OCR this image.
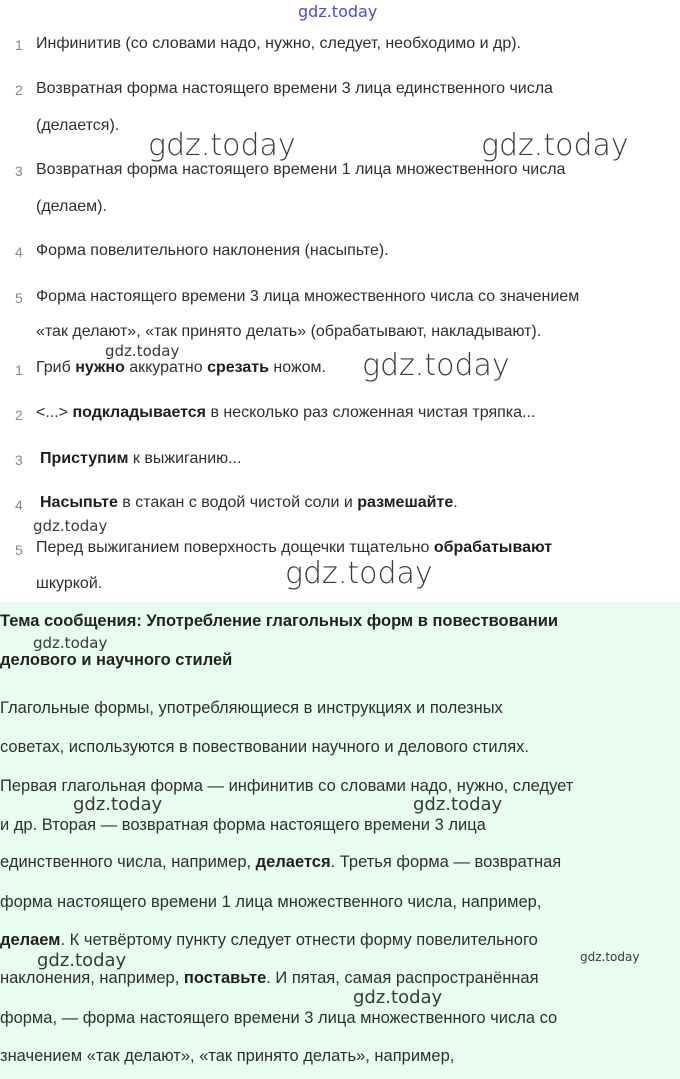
gdz.today
1 Инфинитив (со словами надо, нужно, следует, необходимо и др).
2 Возвратная форма настоящего времени 3 лица единственного числа
(делается).
3 Возвратная форма настоящего времени 1 лица множественного числа
(делаем).
4 Форма повелительного наклонения (насыпьте).
5 Форма настоящего времени 3 лица множественного числа со значением
«так делают», «так принято делать» (обрабатывают, накладывают).
1 Гриб нужно аккуратно срезать ножом.
2 <...> подкладывается в несколько раз сложенная чистая тряпка...
3 Приступим к выжиганию...
4 Насыпьте в стакан с водой чистой соли и размешайте.
5 Перед выжиганием поверхность дощечки тщательно обрабатывают
шкуркой.
Тема сообщения: Употребление глагольных форм в повествовании
делового и научного стилей
Глагольные формы, употребляющиеся в инструкциях и полезных
советах, используются в повествовании научного и делового стилях.
Первая глагольная форма — инфинитив со словами надо, нужно, следует
и др. Вторая — возвратная форма настоящего времени 3 лица
единственного числа, например, делается. Третья форма — возвратная
форма настоящего времени 1 лица множественного числа, например,
делаем. К четвёртому пункту следует отнести форму повелительного
наклонения, например, поставьте. И пятая, самая распространённая
форма, — форма настоящего времени 3 лица множественного числа со
значением «так делают», «так принято делать», например,
gdz.today	gdz.today
gdz.today	gdz.today
gdz.today
gdz.today
gdz.today
gdz.today	gdz.today
gdz.today	gdz.today
gdz.today
